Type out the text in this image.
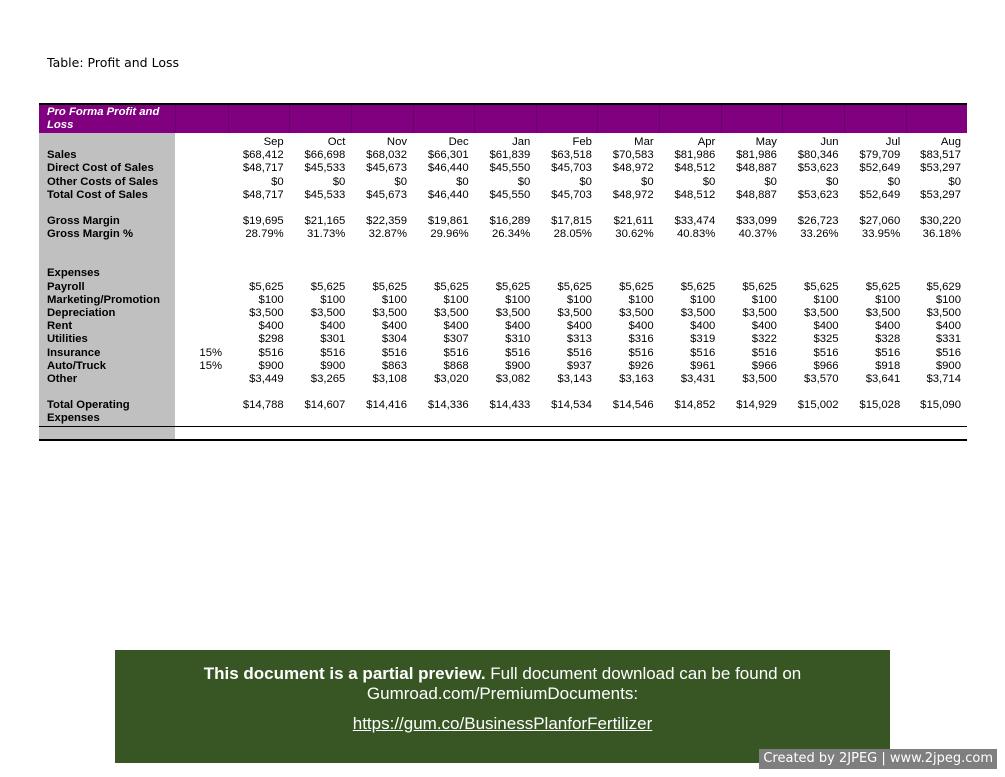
Table: Profit and Loss
Pro Forma Profit and Loss													
		Sep	Oct	Nov	Dec	Jan	Feb	Mar	Apr	May	Jun	Jul	Aug
Sales		$68,412	$66,698	$68,032	$66,301	$61,839	$63,518	$70,583	$81,986	$81,986	$80,346	$79,709	$83,517
Direct Cost of Sales		$48,717	$45,533	$45,673	$46,440	$45,550	$45,703	$48,972	$48,512	$48,887	$53,623	$52,649	$53,297
Other Costs of Sales		$0	$0	$0	$0	$0	$0	$0	$0	$0	$0	$0	$0
Total Cost of Sales		$48,717	$45,533	$45,673	$46,440	$45,550	$45,703	$48,972	$48,512	$48,887	$53,623	$52,649	$53,297

Gross Margin		$19,695	$21,165	$22,359	$19,861	$16,289	$17,815	$21,611	$33,474	$33,099	$26,723	$27,060	$30,220
Gross Margin %		28.79%	31.73%	32.87%	29.96%	26.34%	28.05%	30.62%	40.83%	40.37%	33.26%	33.95%	36.18%

Expenses													
Payroll		$5,625	$5,625	$5,625	$5,625	$5,625	$5,625	$5,625	$5,625	$5,625	$5,625	$5,625	$5,629
Marketing/Promotion		$100	$100	$100	$100	$100	$100	$100	$100	$100	$100	$100	$100
Depreciation		$3,500	$3,500	$3,500	$3,500	$3,500	$3,500	$3,500	$3,500	$3,500	$3,500	$3,500	$3,500
Rent		$400	$400	$400	$400	$400	$400	$400	$400	$400	$400	$400	$400
Utilities		$298	$301	$304	$307	$310	$313	$316	$319	$322	$325	$328	$331
Insurance	15%	$516	$516	$516	$516	$516	$516	$516	$516	$516	$516	$516	$516
Auto/Truck	15%	$900	$900	$863	$868	$900	$937	$926	$961	$966	$966	$918	$900
Other		$3,449	$3,265	$3,108	$3,020	$3,082	$3,143	$3,163	$3,431	$3,500	$3,570	$3,641	$3,714

Total Operating Expenses		$14,788	$14,607	$14,416	$14,336	$14,433	$14,534	$14,546	$14,852	$14,929	$15,002	$15,028	$15,090

This document is a partial preview. Full document download can be found on
Gumroad.com/PremiumDocuments:
https://gum.co/BusinessPlanforFertilizer
Created by 2JPEG | www.2jpeg.com
